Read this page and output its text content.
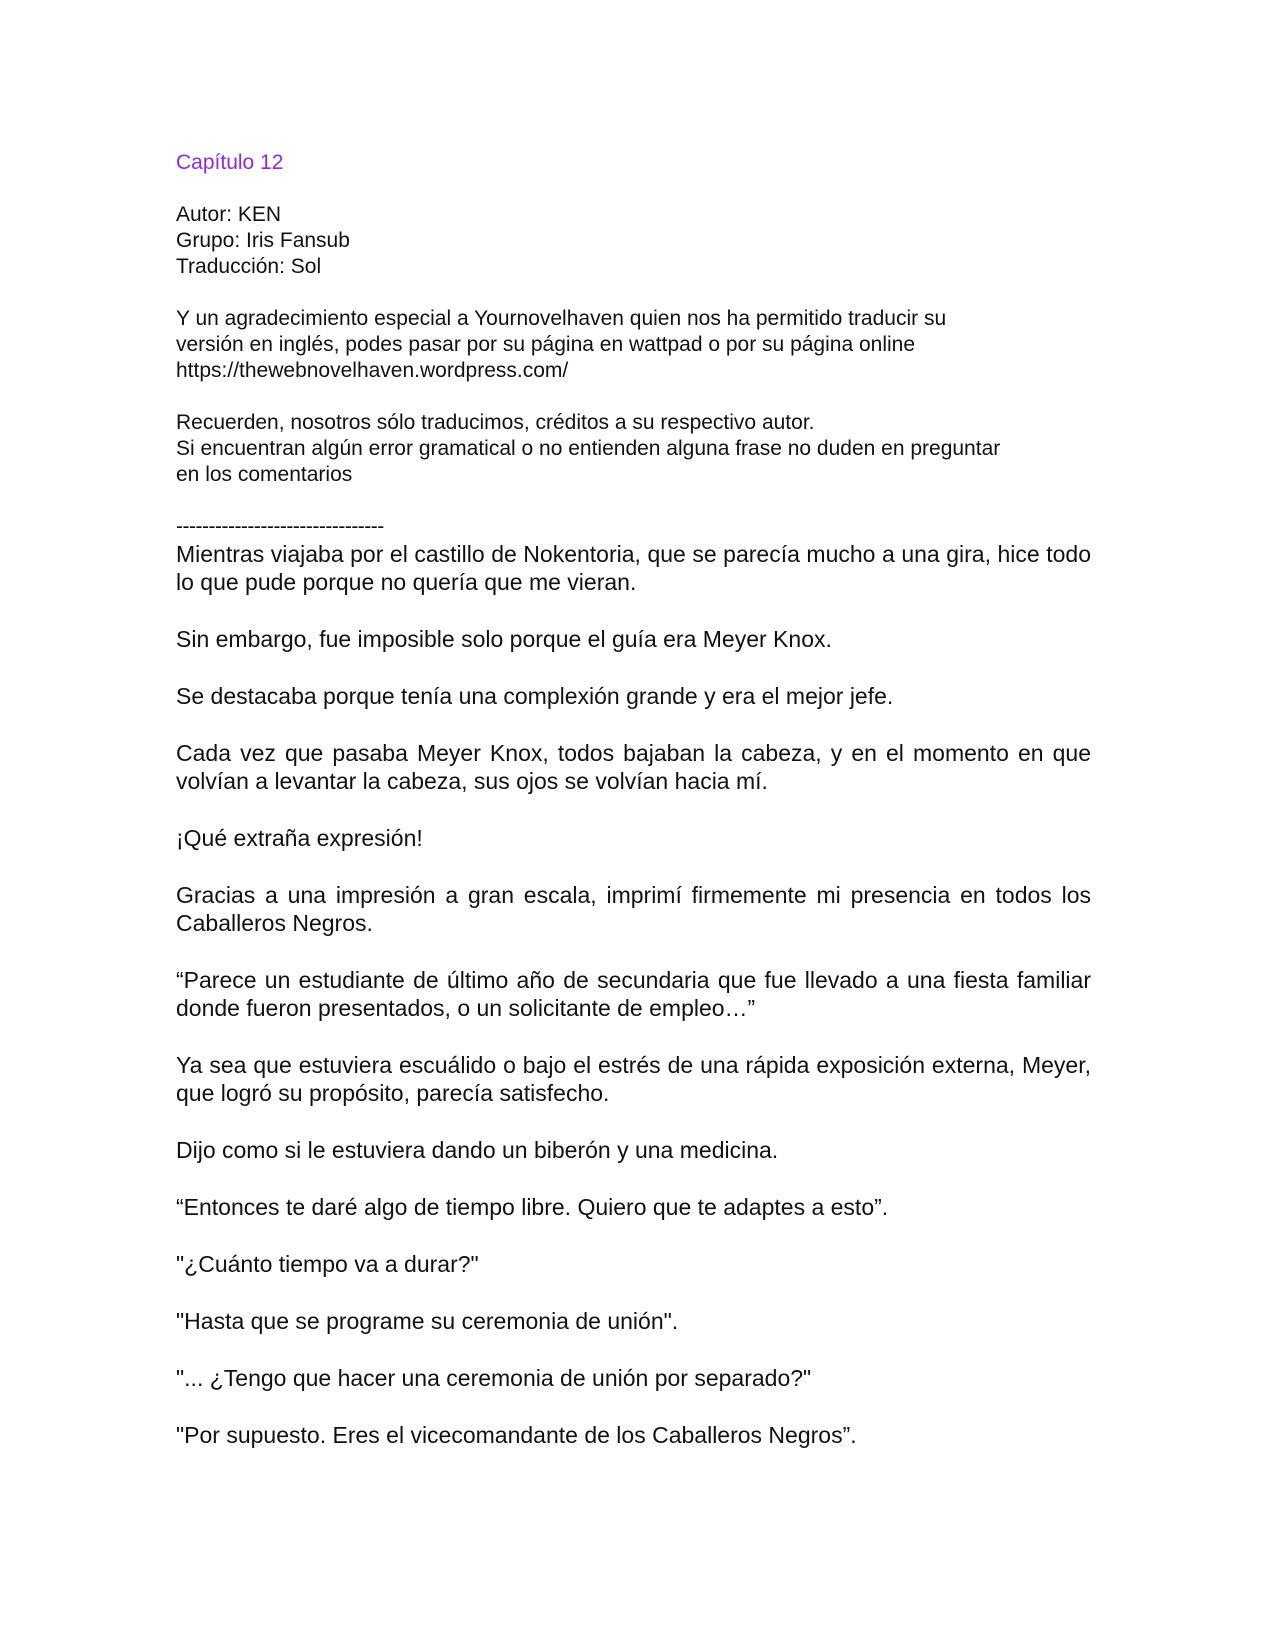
Capítulo 12
Autor: KEN
Grupo: Iris Fansub
Traducción: Sol
Y un agradecimiento especial a Yournovelhaven quien nos ha permitido traducir su
versión en inglés, podes pasar por su página en wattpad o por su página online
https://thewebnovelhaven.wordpress.com/
Recuerden, nosotros sólo traducimos, créditos a su respectivo autor.
Si encuentran algún error gramatical o no entienden alguna frase no duden en preguntar
en los comentarios
--------------------------------

Mientras viajaba por el castillo de Nokentoria, que se parecía mucho a una gira, hice todo lo que pude porque no quería que me vieran.

Sin embargo, fue imposible solo porque el guía era Meyer Knox.

Se destacaba porque tenía una complexión grande y era el mejor jefe.

Cada vez que pasaba Meyer Knox, todos bajaban la cabeza, y en el momento en que volvían a levantar la cabeza, sus ojos se volvían hacia mí.

¡Qué extraña expresión!

Gracias a una impresión a gran escala, imprimí firmemente mi presencia en todos los Caballeros Negros.

“Parece un estudiante de último año de secundaria que fue llevado a una fiesta familiar donde fueron presentados, o un solicitante de empleo…”

Ya sea que estuviera escuálido o bajo el estrés de una rápida exposición externa, Meyer, que logró su propósito, parecía satisfecho.

Dijo como si le estuviera dando un biberón y una medicina.

“Entonces te daré algo de tiempo libre. Quiero que te adaptes a esto”.

"¿Cuánto tiempo va a durar?"

"Hasta que se programe su ceremonia de unión".

"... ¿Tengo que hacer una ceremonia de unión por separado?"

"Por supuesto. Eres el vicecomandante de los Caballeros Negros”.
